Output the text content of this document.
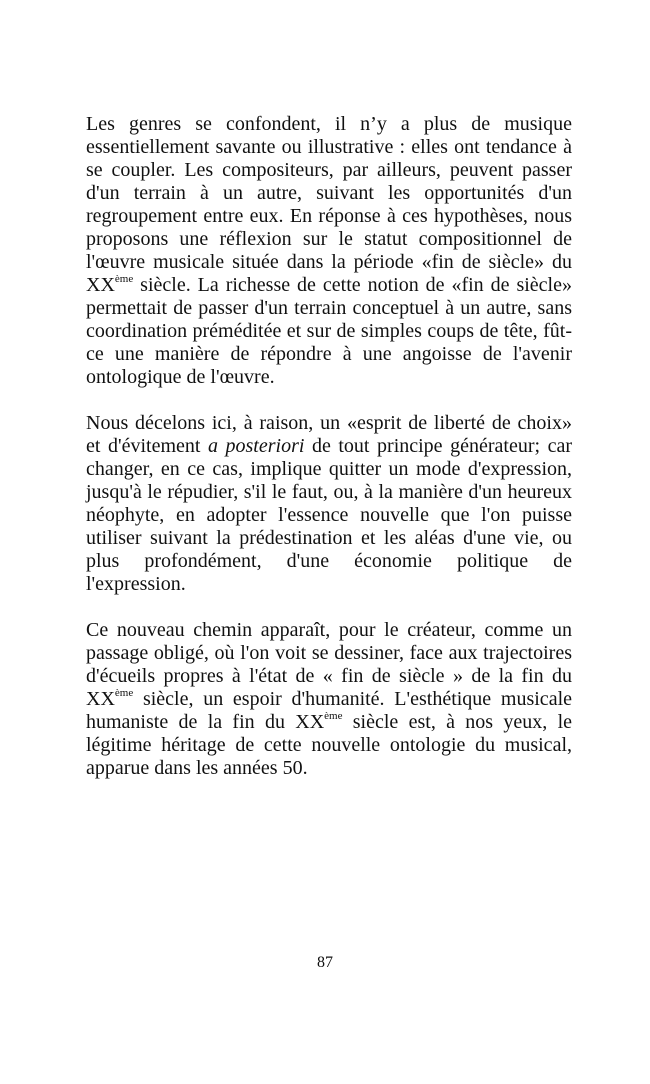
Les genres se confondent, il n’y a plus de musique essentiellement savante ou illustrative : elles ont tendance à se coupler. Les compositeurs, par ailleurs, peuvent passer d'un terrain à un autre, suivant les opportunités d'un regroupement entre eux. En réponse à ces hypothèses, nous proposons une réflexion sur le statut compositionnel de l'œuvre musicale située dans la période «fin de siècle» du XXème siècle. La richesse de cette notion de «fin de siècle» permettait de passer d'un terrain conceptuel à un autre, sans coordination préméditée et sur de simples coups de tête, fût-ce une manière de répondre à une angoisse de l'avenir ontologique de l'œuvre.

Nous décelons ici, à raison, un «esprit de liberté de choix» et d'évitement a posteriori de tout principe générateur; car changer, en ce cas, implique quitter un mode d'expression, jusqu'à le répudier, s'il le faut, ou, à la manière d'un heureux néophyte, en adopter l'essence nouvelle que l'on puisse utiliser suivant la prédestination et les aléas d'une vie, ou plus profondément, d'une économie politique de l'expression.

Ce nouveau chemin apparaît, pour le créateur, comme un passage obligé, où l'on voit se dessiner, face aux trajectoires d'écueils propres à l'état de « fin de siècle » de la fin du XXème siècle, un espoir d'humanité. L'esthétique musicale humaniste de la fin du XXème siècle est, à nos yeux, le légitime héritage de cette nouvelle ontologie du musical, apparue dans les années 50.

87
